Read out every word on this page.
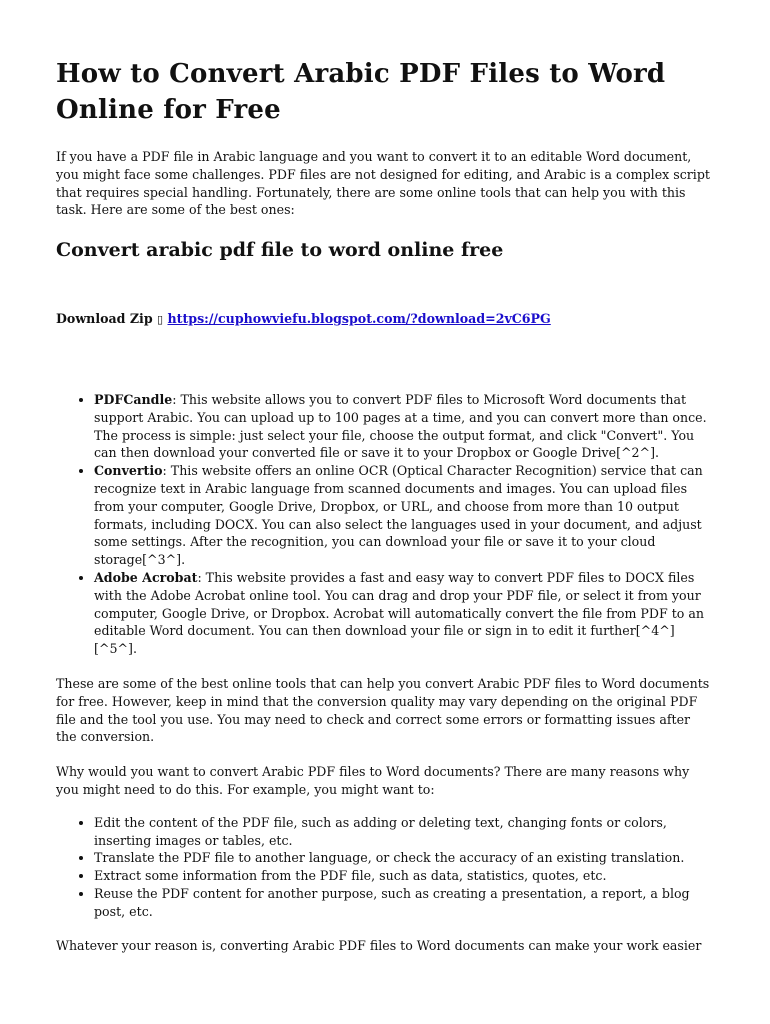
How to Convert Arabic PDF Files to Word Online for Free

If you have a PDF file in Arabic language and you want to convert it to an editable Word document, you might face some challenges. PDF files are not designed for editing, and Arabic is a complex script that requires special handling. Fortunately, there are some online tools that can help you with this task. Here are some of the best ones:

Convert arabic pdf file to word online free

Download Zip ▯ https://cuphowviefu.blogspot.com/?download=2vC6PG

• PDFCandle: This website allows you to convert PDF files to Microsoft Word documents that support Arabic. You can upload up to 100 pages at a time, and you can convert more than once. The process is simple: just select your file, choose the output format, and click "Convert". You can then download your converted file or save it to your Dropbox or Google Drive[^2^].
• Convertio: This website offers an online OCR (Optical Character Recognition) service that can recognize text in Arabic language from scanned documents and images. You can upload files from your computer, Google Drive, Dropbox, or URL, and choose from more than 10 output formats, including DOCX. You can also select the languages used in your document, and adjust some settings. After the recognition, you can download your file or save it to your cloud storage[^3^].
• Adobe Acrobat: This website provides a fast and easy way to convert PDF files to DOCX files with the Adobe Acrobat online tool. You can drag and drop your PDF file, or select it from your computer, Google Drive, or Dropbox. Acrobat will automatically convert the file from PDF to an editable Word document. You can then download your file or sign in to edit it further[^4^][^5^].

These are some of the best online tools that can help you convert Arabic PDF files to Word documents for free. However, keep in mind that the conversion quality may vary depending on the original PDF file and the tool you use. You may need to check and correct some errors or formatting issues after the conversion.

Why would you want to convert Arabic PDF files to Word documents? There are many reasons why you might need to do this. For example, you might want to:

• Edit the content of the PDF file, such as adding or deleting text, changing fonts or colors, inserting images or tables, etc.
• Translate the PDF file to another language, or check the accuracy of an existing translation.
• Extract some information from the PDF file, such as data, statistics, quotes, etc.
• Reuse the PDF content for another purpose, such as creating a presentation, a report, a blog post, etc.

Whatever your reason is, converting Arabic PDF files to Word documents can make your work easier
